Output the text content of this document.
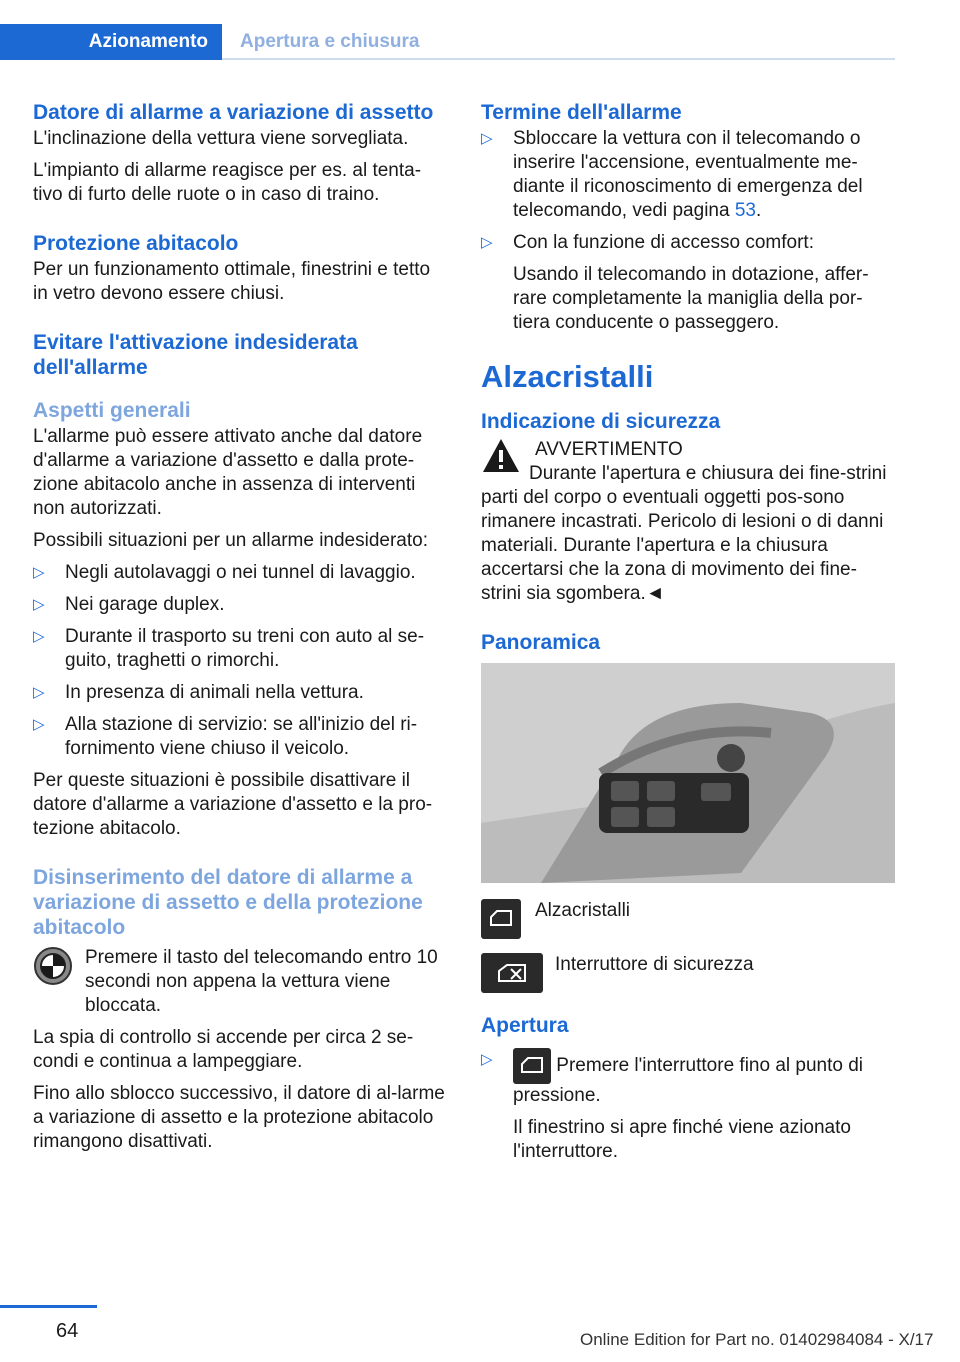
Azionamento	Apertura e chiusura
Datore di allarme a variazione di assetto

L'inclinazione della vettura viene sorvegliata.

L'impianto di allarme reagisce per es. al tenta-tivo di furto delle ruote o in caso di traino.

Protezione abitacolo

Per un funzionamento ottimale, finestrini e tetto in vetro devono essere chiusi.

Evitare l'attivazione indesiderata dell'allarme
Aspetti generali

L'allarme può essere attivato anche dal datore d'allarme a variazione d'assetto e dalla prote-zione abitacolo anche in assenza di interventi non autorizzati.

Possibili situazioni per un allarme indesiderato:

▷ Negli autolavaggi o nei tunnel di lavaggio.
▷ Nei garage duplex.
▷ Durante il trasporto su treni con auto al se-guito, traghetti o rimorchi.
▷ In presenza di animali nella vettura.
▷ Alla stazione di servizio: se all'inizio del ri-fornimento viene chiuso il veicolo.

Per queste situazioni è possibile disattivare il datore d'allarme a variazione d'assetto e la pro-tezione abitacolo.

Disinserimento del datore di allarme a variazione di assetto e della protezione abitacolo

Premere il tasto del telecomando entro 10 secondi non appena la vettura viene bloccata.

La spia di controllo si accende per circa 2 se-condi e continua a lampeggiare.

Fino allo sblocco successivo, il datore di al-larme a variazione di assetto e la protezione abitacolo rimangono disattivati.

Termine dell'allarme
▷ Sbloccare la vettura con il telecomando o inserire l'accensione, eventualmente me-diante il riconoscimento di emergenza del telecomando, vedi pagina 53.
▷ Con la funzione di accesso comfort:
Usando il telecomando in dotazione, affer-rare completamente la maniglia della por-tiera conducente o passeggero.
Alzacristalli
Indicazione di sicurezza
AVVERTIMENTO

Durante l'apertura e chiusura dei fine-strini parti del corpo o eventuali oggetti pos-sono rimanere incastrati. Pericolo di lesioni o di danni materiali. Durante l'apertura e la chiusura accertarsi che la zona di movimento dei fine-strini sia sgombera.◄

Panoramica
Alzacristalli
Interruttore di sicurezza
Apertura
▷	Premere l'interruttore fino al punto di pressione.
Il finestrino si apre finché viene azionato l'interruttore.
64	Online Edition for Part no. 01402984084 - X/17
